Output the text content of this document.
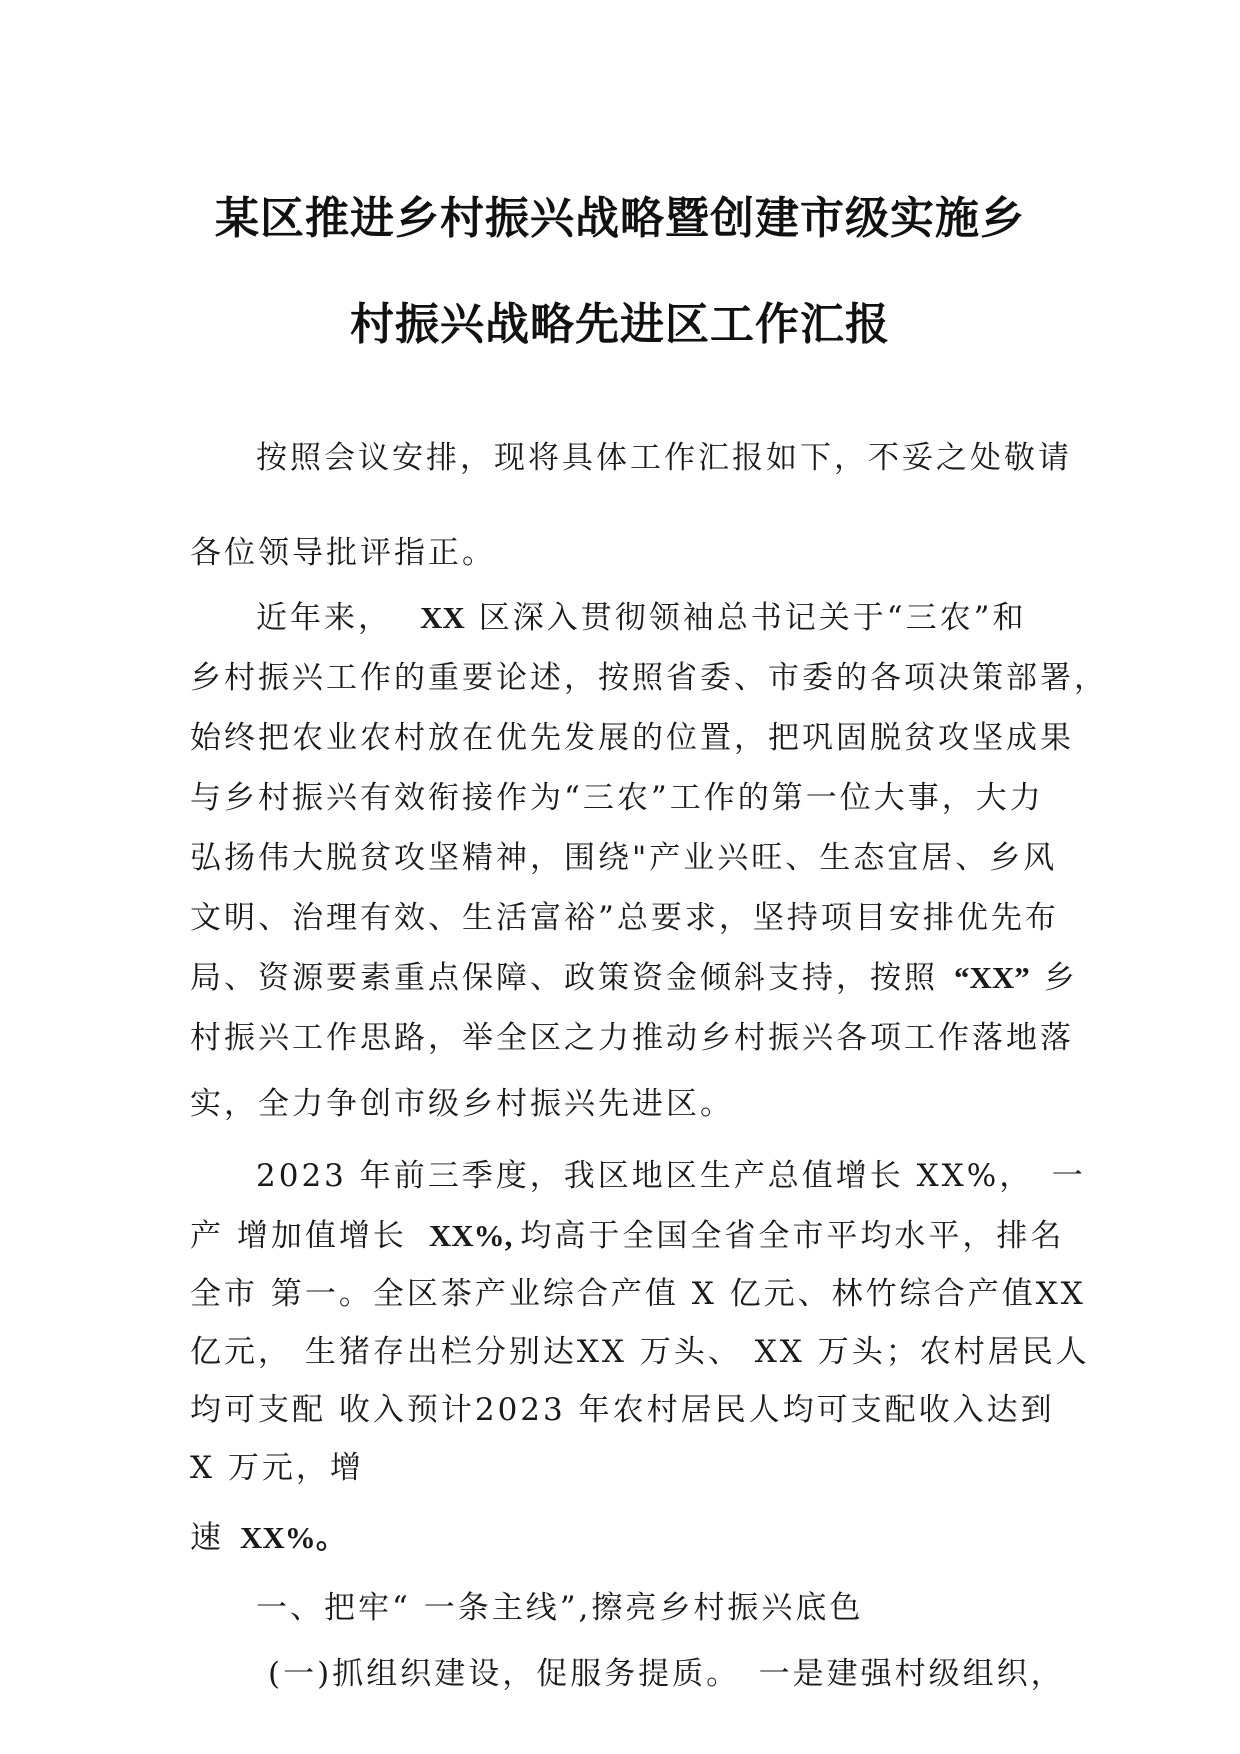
某区推进乡村振兴战略暨创建市级实施乡
村振兴战略先进区工作汇报
按照会议安排，现将具体工作汇报如下，不妥之处敬请
各位领导批评指正。
近年来， XX 区深入贯彻领袖总书记关于“三农”和
乡村振兴工作的重要论述，按照省委、市委的各项决策部署，
始终把农业农村放在优先发展的位置，把巩固脱贫攻坚成果
与乡村振兴有效衔接作为“三农”工作的第一位大事，大力
弘扬伟大脱贫攻坚精神，围绕"产业兴旺、生态宜居、乡风
文明、治理有效、生活富裕”总要求，坚持项目安排优先布
局、资源要素重点保障、政策资金倾斜支持，按照 “XX” 乡
村振兴工作思路，举全区之力推动乡村振兴各项工作落地落
实，全力争创市级乡村振兴先进区。
2023 年前三季度，我区地区生产总值增长 XX%，　一
产 增加值增长 XX%, 均高于全国全省全市平均水平，排名
全市 第一。全区茶产业综合产值 X 亿元、林竹综合产值XX
亿元， 生猪存出栏分别达XX 万头、 XX 万头；农村居民人
均可支配 收入预计2023 年农村居民人均可支配收入达到
X 万元，增
速 XX%。
一、把牢“ 一条主线”,擦亮乡村振兴底色
(一)抓组织建设，促服务提质。　一是建强村级组织，
